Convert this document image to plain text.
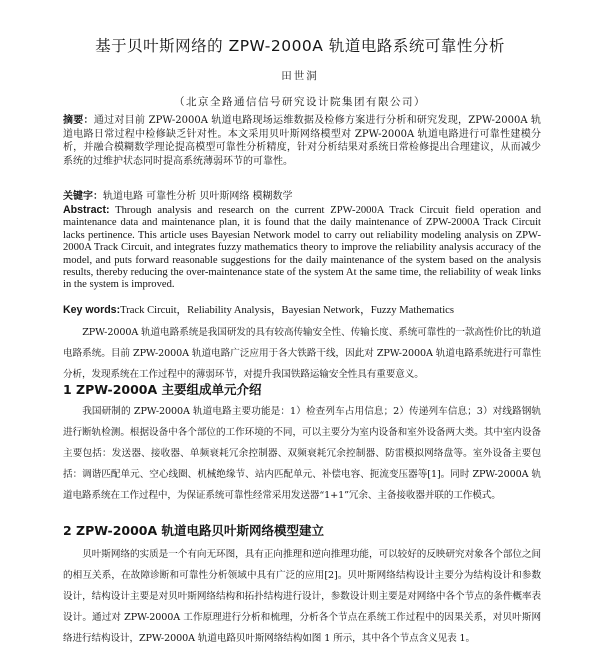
基于贝叶斯网络的 ZPW-2000A 轨道电路系统可靠性分析
田世洞
（北京全路通信信号研究设计院集团有限公司）
摘要：通过对目前 ZPW-2000A 轨道电路现场运维数据及检修方案进行分析和研究发现，ZPW-2000A 轨道电路日常过程中检修缺乏针对性。本文采用贝叶斯网络模型对 ZPW-2000A 轨道电路进行可靠性建模分析，并融合模糊数学理论提高模型可靠性分析精度，针对分析结果对系统日常检修提出合理建议，从而减少系统的过维护状态同时提高系统薄弱环节的可靠性。
关键字：轨道电路 可靠性分析 贝叶斯网络 模糊数学
Abstract: Through analysis and research on the current ZPW-2000A Track Circuit field operation and maintenance data and maintenance plan, it is found that the daily maintenance of ZPW-2000A Track Circuit lacks pertinence. This article uses Bayesian Network model to carry out reliability modeling analysis on ZPW-2000A Track Circuit, and integrates fuzzy mathematics theory to improve the reliability analysis accuracy of the model, and puts forward reasonable suggestions for the daily maintenance of the system based on the analysis results, thereby reducing the over-maintenance state of the system At the same time, the reliability of weak links in the system is improved.
Key words:Track Circuit，Reliability Analysis，Bayesian Network，Fuzzy Mathematics
ZPW-2000A 轨道电路系统是我国研发的具有较高传输安全性、传输长度、系统可靠性的一款高性价比的轨道电路系统。目前 ZPW-2000A 轨道电路广泛应用于各大铁路干线，因此对 ZPW-2000A 轨道电路系统进行可靠性分析，发现系统在工作过程中的薄弱环节，对提升我国铁路运输安全性具有重要意义。
1 ZPW-2000A 主要组成单元介绍
我国研制的 ZPW-2000A 轨道电路主要功能是：1）检查列车占用信息；2）传递列车信息；3）对线路钢轨进行断轨检测。根据设备中各个部位的工作环境的不同，可以主要分为室内设备和室外设备两大类。其中室内设备主要包括：发送器、接收器、单频衰耗冗余控制器、双频衰耗冗余控制器、防雷模拟网络盘等。室外设备主要包括：调谐匹配单元、空心线圈、机械绝缘节、站内匹配单元、补偿电容、扼流变压器等[1]。同时 ZPW-2000A 轨道电路系统在工作过程中，为保证系统可靠性经常采用发送器“1+1”冗余、主备接收器并联的工作模式。
2 ZPW-2000A 轨道电路贝叶斯网络模型建立
贝叶斯网络的实质是一个有向无环图，具有正向推理和逆向推理功能，可以较好的反映研究对象各个部位之间的相互关系，在故障诊断和可靠性分析领域中具有广泛的应用[2]。贝叶斯网络结构设计主要分为结构设计和参数设计，结构设计主要是对贝叶斯网络结构和拓扑结构进行设计，参数设计则主要是对网络中各个节点的条件概率表设计。通过对 ZPW-2000A 工作原理进行分析和梳理，分析各个节点在系统工作过程中的因果关系，对贝叶斯网络进行结构设计，ZPW-2000A 轨道电路贝叶斯网络结构如图 1 所示，其中各个节点含义见表 1。
